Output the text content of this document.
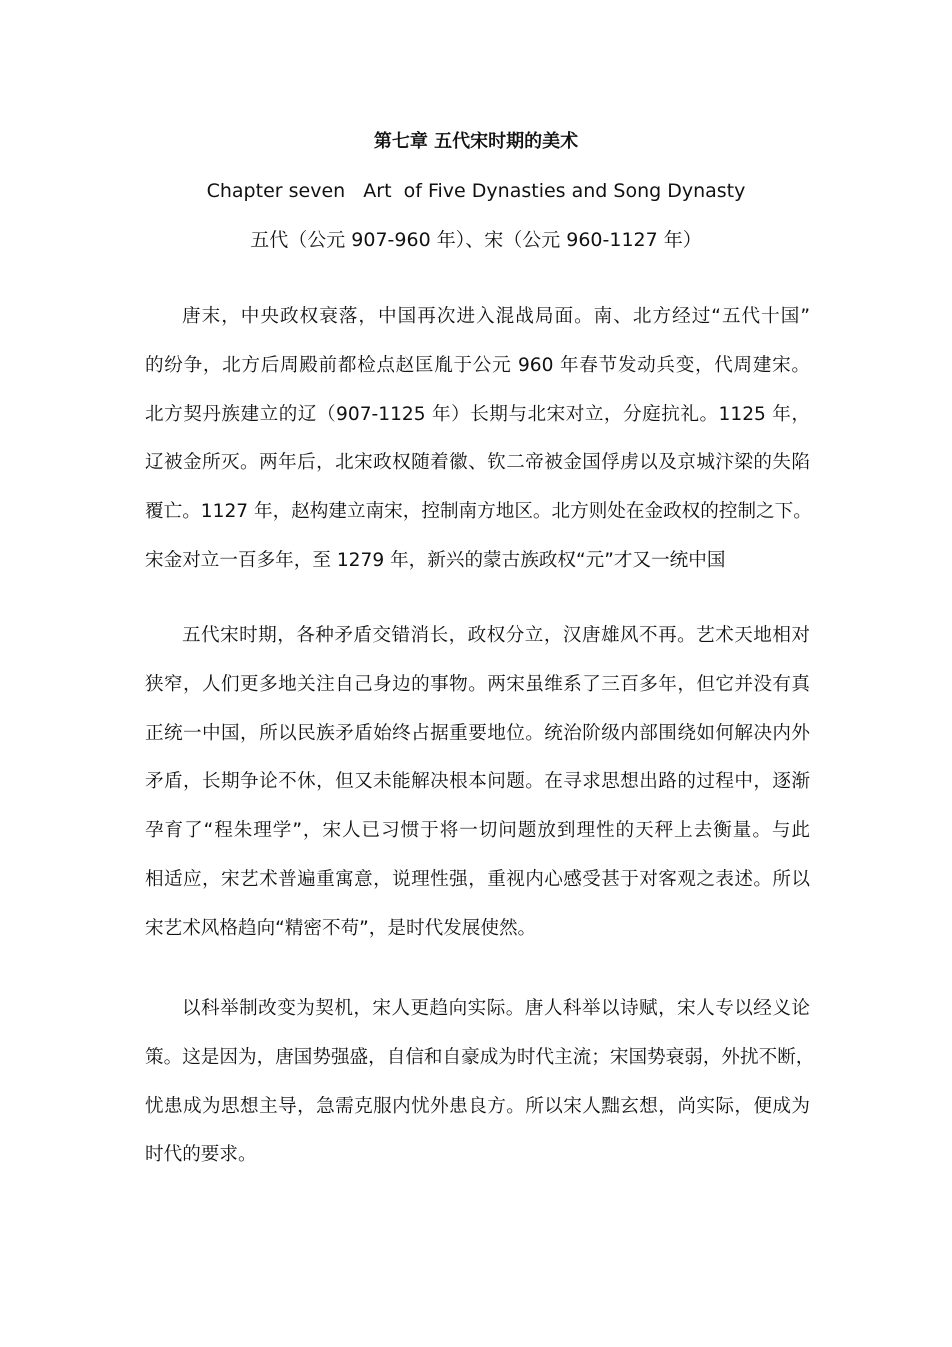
第七章 五代宋时期的美术
Chapter seven   Art  of Five Dynasties and Song Dynasty
五代（公元 907-960 年）、宋（公元 960-1127 年）
唐末，中央政权衰落，中国再次进入混战局面。南、北方经过“五代十国”
的纷争，北方后周殿前都检点赵匡胤于公元 960 年春节发动兵变，代周建宋。
北方契丹族建立的辽（907-1125 年）长期与北宋对立，分庭抗礼。1125 年，
辽被金所灭。两年后，北宋政权随着徽、钦二帝被金国俘虏以及京城汴梁的失陷
覆亡。1127 年，赵构建立南宋，控制南方地区。北方则处在金政权的控制之下。
宋金对立一百多年，至 1279 年，新兴的蒙古族政权“元”才又一统中国
五代宋时期，各种矛盾交错消长，政权分立，汉唐雄风不再。艺术天地相对
狭窄，人们更多地关注自己身边的事物。两宋虽维系了三百多年，但它并没有真
正统一中国，所以民族矛盾始终占据重要地位。统治阶级内部围绕如何解决内外
矛盾，长期争论不休，但又未能解决根本问题。在寻求思想出路的过程中，逐渐
孕育了“程朱理学”，宋人已习惯于将一切问题放到理性的天秤上去衡量。与此
相适应，宋艺术普遍重寓意，说理性强，重视内心感受甚于对客观之表述。所以
宋艺术风格趋向“精密不苟”，是时代发展使然。
以科举制改变为契机，宋人更趋向实际。唐人科举以诗赋，宋人专以经义论
策。这是因为，唐国势强盛，自信和自豪成为时代主流；宋国势衰弱，外扰不断，
忧患成为思想主导，急需克服内忧外患良方。所以宋人黜玄想，尚实际，便成为
时代的要求。
